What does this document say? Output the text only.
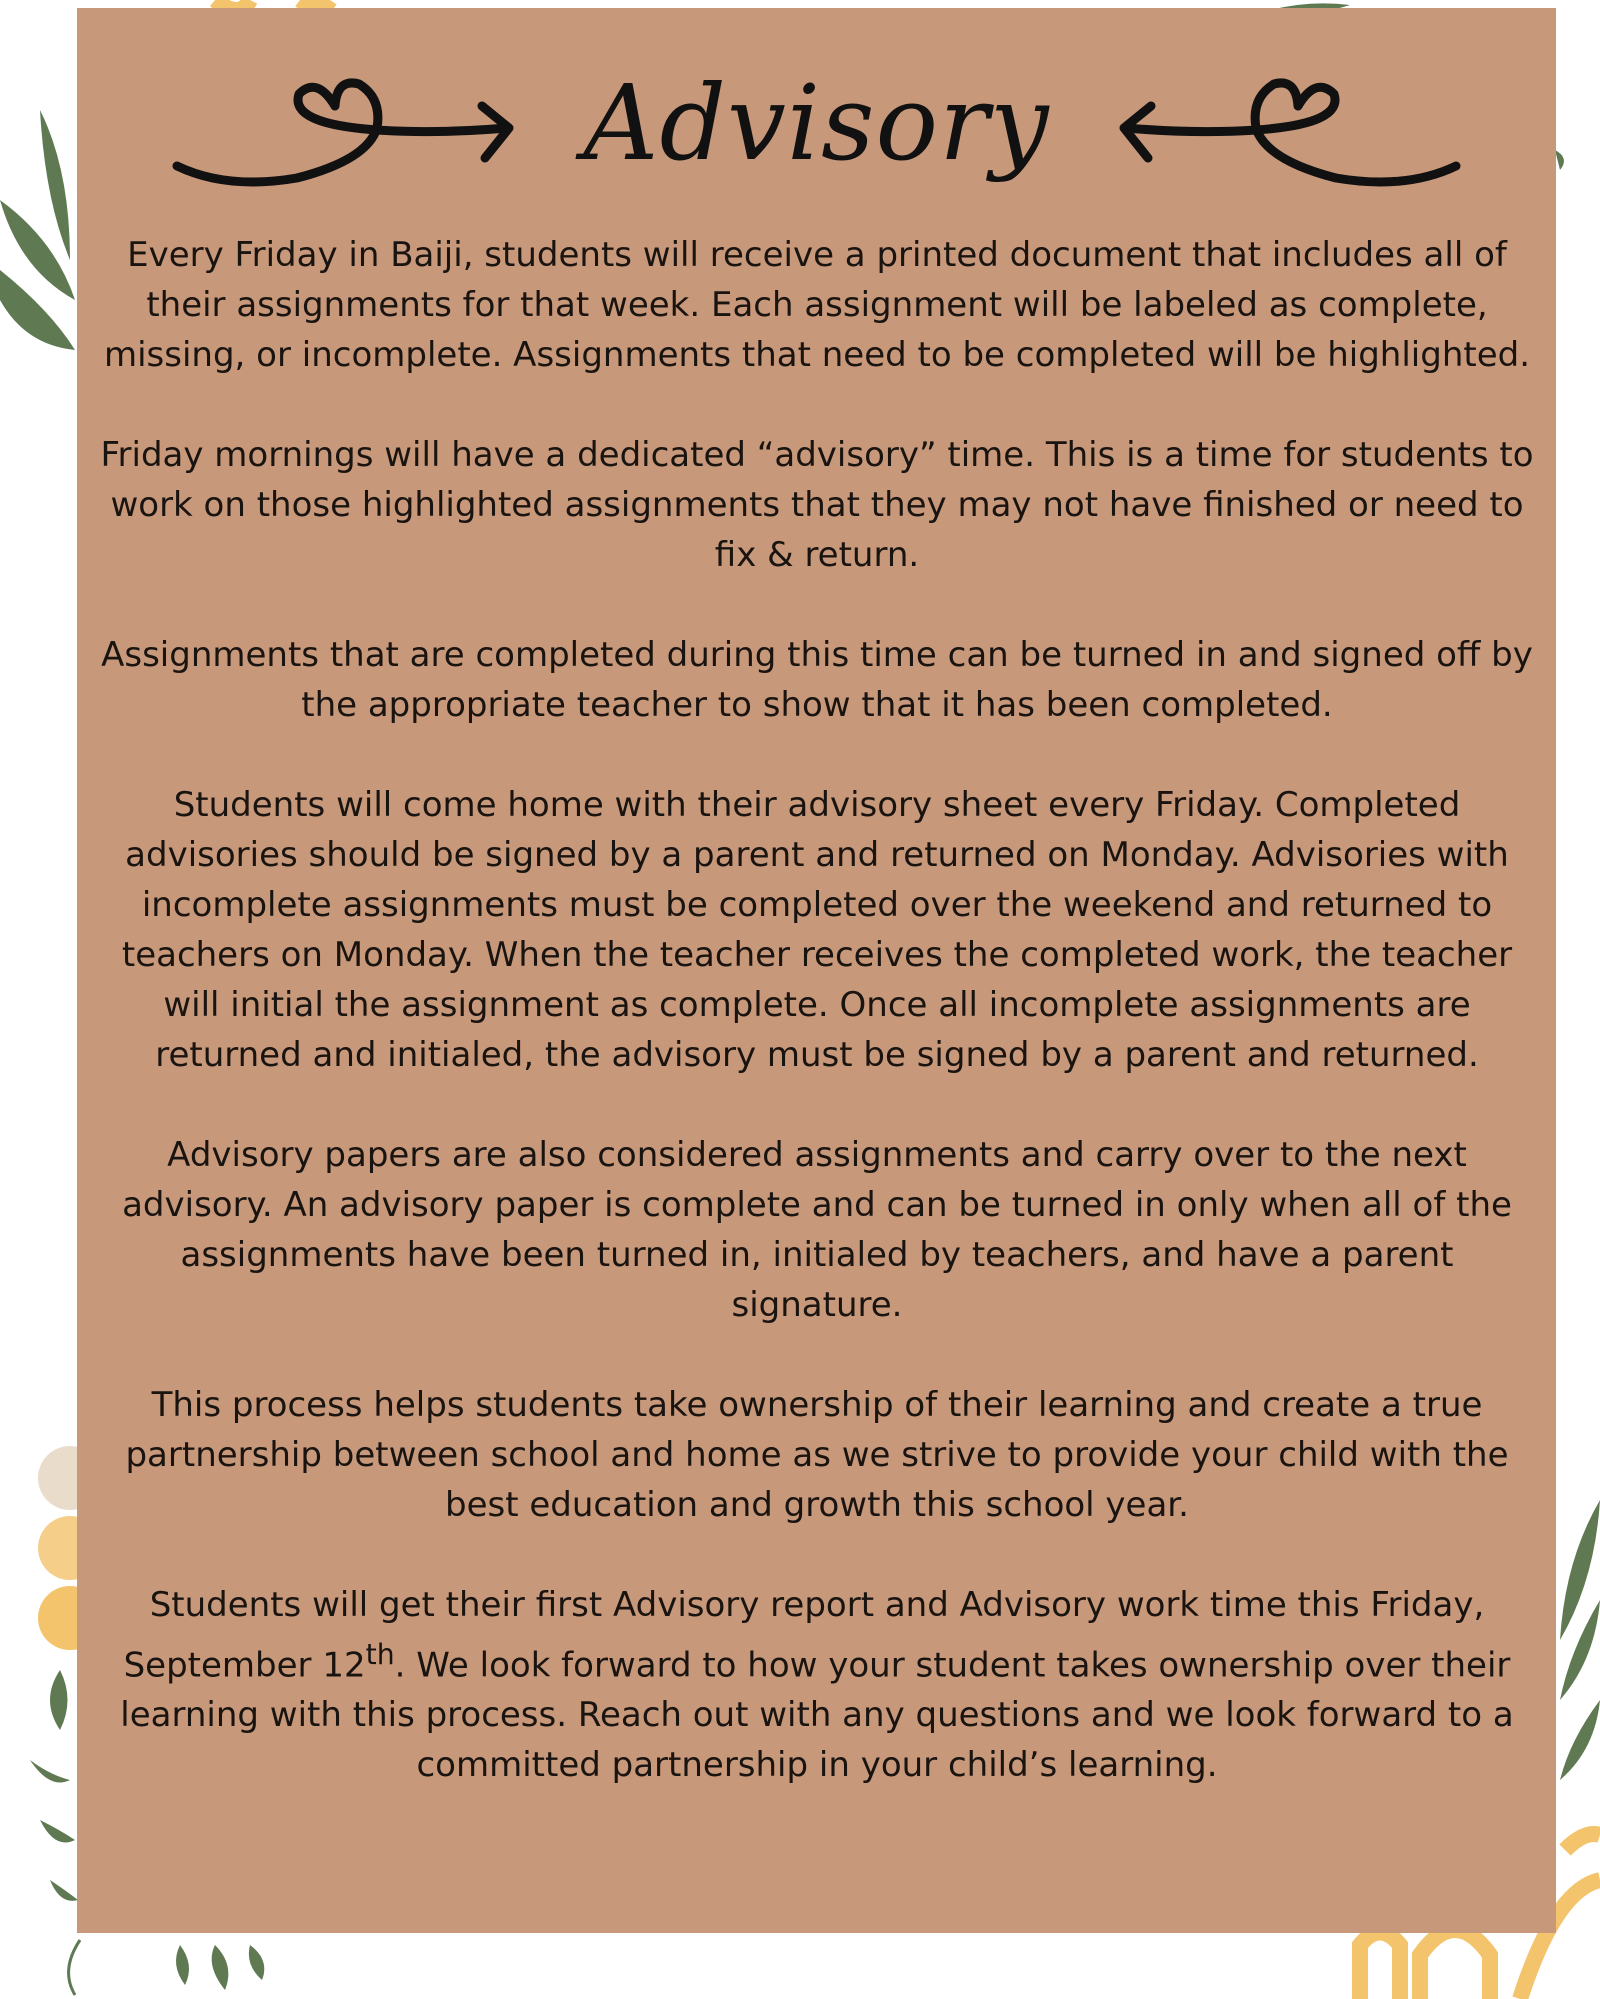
Advisory

Every Friday in Baiji, students will receive a printed document that includes all of their assignments for that week. Each assignment will be labeled as complete, missing, or incomplete. Assignments that need to be completed will be highlighted.

Friday mornings will have a dedicated “advisory” time. This is a time for students to work on those highlighted assignments that they may not have finished or need to fix & return.

Assignments that are completed during this time can be turned in and signed off by the appropriate teacher to show that it has been completed.

Students will come home with their advisory sheet every Friday. Completed advisories should be signed by a parent and returned on Monday. Advisories with incomplete assignments must be completed over the weekend and returned to teachers on Monday. When the teacher receives the completed work, the teacher will initial the assignment as complete. Once all incomplete assignments are returned and initialed, the advisory must be signed by a parent and returned.

Advisory papers are also considered assignments and carry over to the next advisory. An advisory paper is complete and can be turned in only when all of the assignments have been turned in, initialed by teachers, and have a parent signature.

This process helps students take ownership of their learning and create a true partnership between school and home as we strive to provide your child with the best education and growth this school year.

Students will get their first Advisory report and Advisory work time this Friday, September 12th. We look forward to how your student takes ownership over their learning with this process. Reach out with any questions and we look forward to a committed partnership in your child’s learning.
